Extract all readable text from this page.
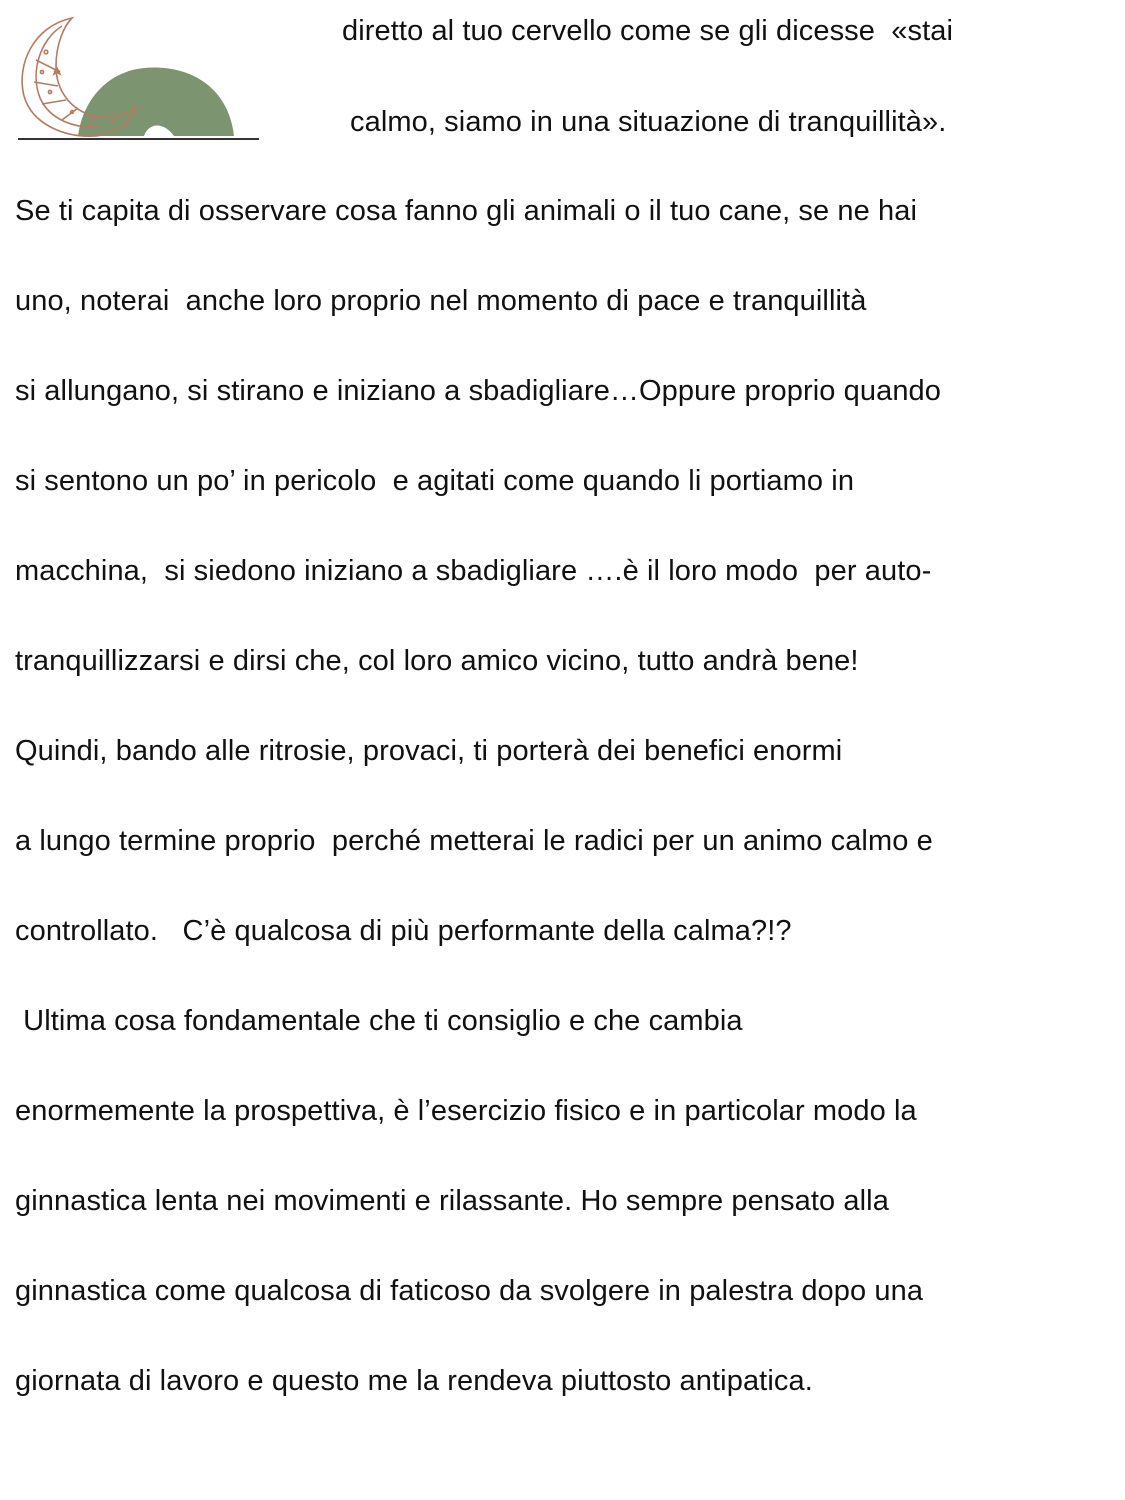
diretto al tuo cervello come se gli dicesse  «stai
calmo, siamo in una situazione di tranquillità».
Se ti capita di osservare cosa fanno gli animali o il tuo cane, se ne hai
uno, noterai  anche loro proprio nel momento di pace e tranquillità
si allungano, si stirano e iniziano a sbadigliare…Oppure proprio quando
si sentono un po’ in pericolo  e agitati come quando li portiamo in
macchina,  si siedono iniziano a sbadigliare ….è il loro modo  per auto-
tranquillizzarsi e dirsi che, col loro amico vicino, tutto andrà bene!
Quindi, bando alle ritrosie, provaci, ti porterà dei benefici enormi
a lungo termine proprio  perché metterai le radici per un animo calmo e
controllato.   C’è qualcosa di più performante della calma?!?
Ultima cosa fondamentale che ti consiglio e che cambia
enormemente la prospettiva, è l’esercizio fisico e in particolar modo la
ginnastica lenta nei movimenti e rilassante. Ho sempre pensato alla
ginnastica come qualcosa di faticoso da svolgere in palestra dopo una
giornata di lavoro e questo me la rendeva piuttosto antipatica.
